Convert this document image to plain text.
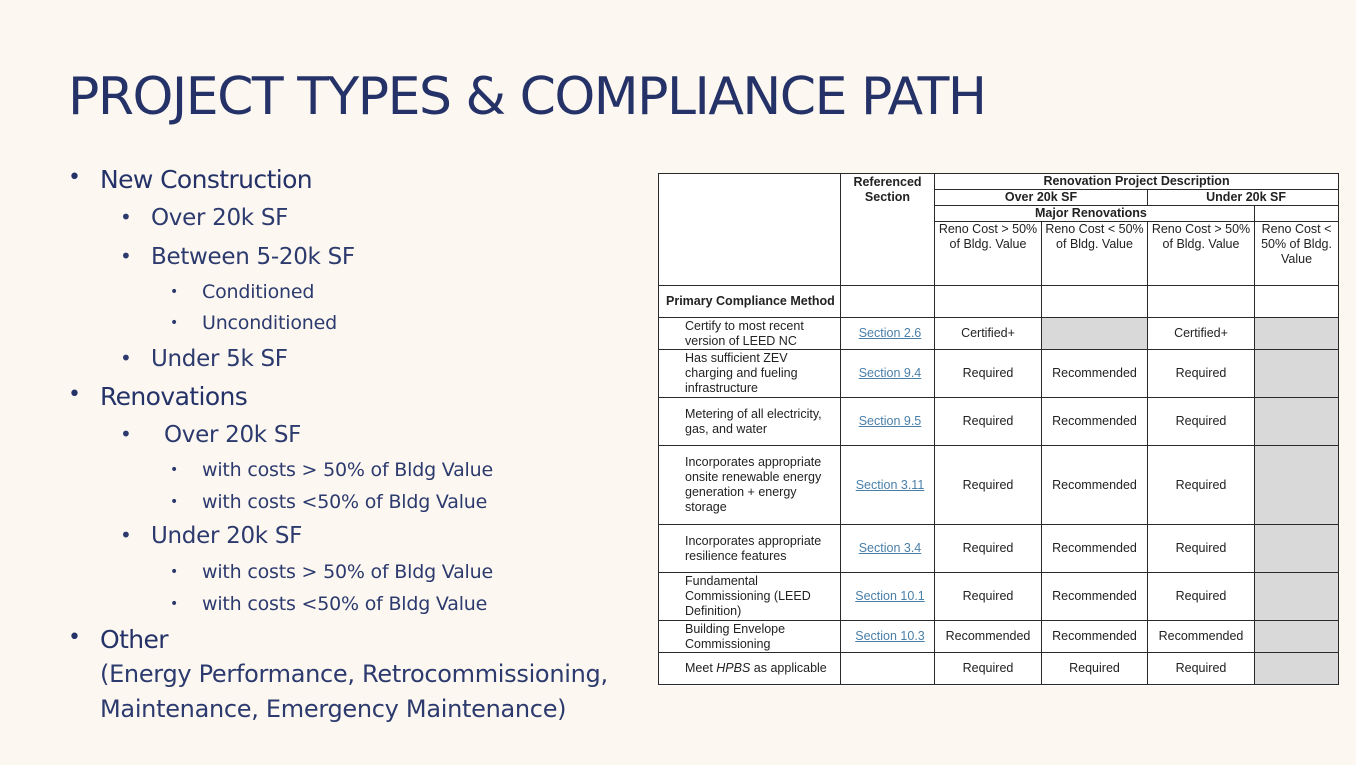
PROJECT TYPES & COMPLIANCE PATH
• New Construction
• Over 20k SF
• Between 5-20k SF
• Conditioned
• Unconditioned
• Under 5k SF
• Renovations
• Over 20k SF
• with costs > 50% of Bldg Value
• with costs <50% of Bldg Value
• Under 20k SF
• with costs > 50% of Bldg Value
• with costs <50% of Bldg Value
• Other
(Energy Performance, Retrocommissioning,
Maintenance, Emergency Maintenance)
	Referenced Section	Renovation Project Description			
		Over 20k SF		Under 20k SF	
		Major Renovations			
		Reno Cost > 50% of Bldg. Value	Reno Cost < 50% of Bldg. Value	Reno Cost > 50% of Bldg. Value	Reno Cost < 50% of Bldg. Value
Primary Compliance Method					
Certify to most recent version of LEED NC	Section 2.6	Certified+		Certified+	
Has sufficient ZEV charging and fueling infrastructure	Section 9.4	Required	Recommended	Required	
Metering of all electricity, gas, and water	Section 9.5	Required	Recommended	Required	
Incorporates appropriate onsite renewable energy generation + energy storage	Section 3.11	Required	Recommended	Required	
Incorporates appropriate resilience features	Section 3.4	Required	Recommended	Required	
Fundamental Commissioning (LEED Definition)	Section 10.1	Required	Recommended	Required	
Building Envelope Commissioning	Section 10.3	Recommended	Recommended	Recommended	
Meet HPBS as applicable		Required	Required	Required	
